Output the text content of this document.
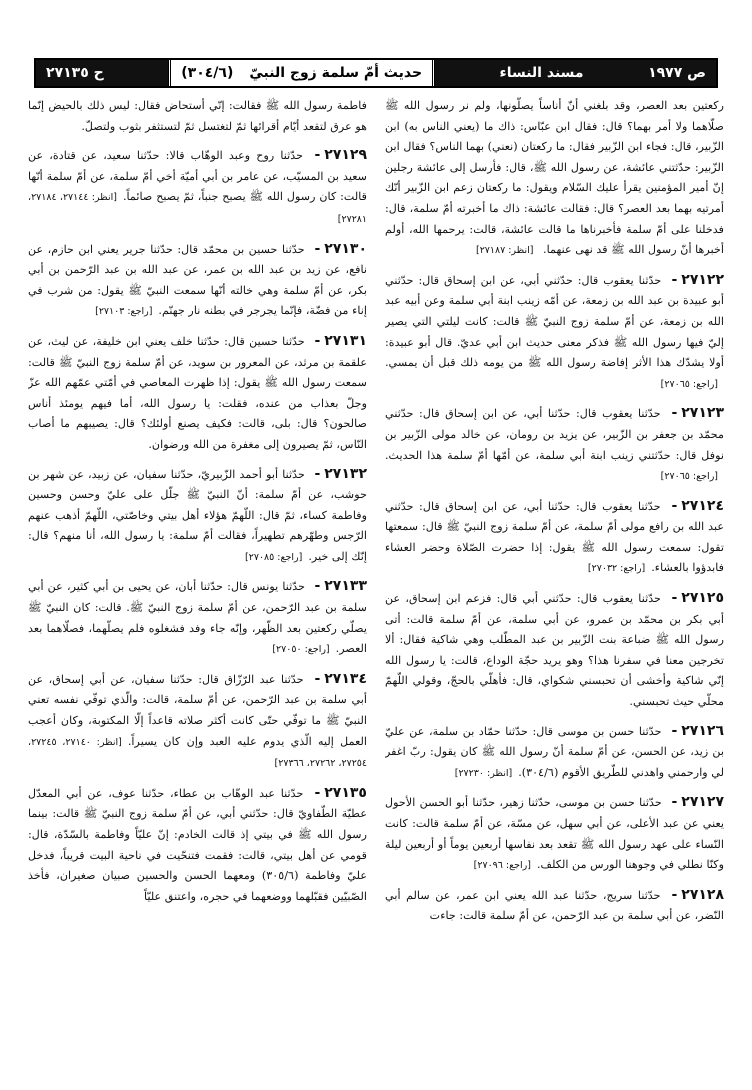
ص ١٩٧٧
مسند النساء
حديث أمّ سلمة زوج النبيّ
(٣٠٤/٦)
ح ٢٧١٣٥

ركعتين بعد العصر، وقد بلغني أنّ أناساً يصلّونها، ولم نر رسول الله ﷺ صلّاهما ولا أمر بهما؟ قال: فقال ابن عبّاس: ذاك ما (يعني الناس به) ابن الزّبير، قال: فجاء ابن الزّبير فقال: ما ركعتان (نعني) بهما الناس؟ فقال ابن الزّبير: حدّثتني عائشة، عن رسول الله ﷺ، قال: فأرسل إلى عائشة رجلين إنّ أمير المؤمنين يقرأ عليك السّلام ويقول: ما ركعتان زعم ابن الزّبير أنّك أمرتيه بهما بعد العصر؟ قال: فقالت عائشة: ذاك ما أخبرته أمّ سلمة، قال: فدخلنا على أمّ سلمة فأخبرناها ما قالت عائشة، قالت: يرحمها الله، أولم أخبرها أنّ رسول الله ﷺ قد نهى عنهما. [انظر: ٢٧١٨٧]

٢٧١٢٢- حدّثنا يعقوب قال: حدّثني أبي، عن ابن إسحاق قال: حدّثني أبو عبيدة بن عبد الله بن زمعة، عن أمّه زينب ابنة أبي سلمة وعن أبيه عبد الله بن زمعة، عن أمّ سلمة زوج النبيّ ﷺ قالت: كانت ليلتي التي يصير إليّ فيها رسول الله ﷺ فذكر معنى حديث ابن أبي عديّ. قال أبو عبيدة: أولا يشدّك هذا الأثر إفاضة رسول الله ﷺ من يومه ذلك قبل أن يمسي.[راجع: ٢٧٠٦٥]

٢٧١٢٣- حدّثنا يعقوب قال: حدّثنا أبي، عن ابن إسحاق قال: حدّثني محمّد بن جعفر بن الزّبير، عن يزيد بن رومان، عن خالد مولى الزّبير بن نوفل قال: حدّثتني زينب ابنة أبي سلمة، عن أمّها أمّ سلمة هذا الحديث.[راجع: ٢٧٠٦٥]

٢٧١٢٤- حدّثنا يعقوب قال: حدّثنا أبي، عن ابن إسحاق قال: حدّثني عبد الله بن رافع مولى أمّ سلمة، عن أمّ سلمة زوج النبيّ ﷺ قال: سمعتها تقول: سمعت رسول الله ﷺ يقول: إذا حضرت الصّلاة وحضر العشاء فابدؤوا بالعشاء.[راجع: ٢٧٠٣٢]

٢٧١٢٥- حدّثنا يعقوب قال: حدّثني أبي قال: فزعم ابن إسحاق، عن أبي بكر بن محمّد بن عمرو، عن أبي سلمة، عن أمّ سلمة قالت: أتى رسول الله ﷺ ضباعة بنت الزّبير بن عبد المطّلب وهي شاكية فقال: ألا تخرجين معنا في سفرنا هذا؟ وهو يريد حجّة الوداع، قالت: يا رسول الله إنّي شاكية وأخشى أن تحبسني شكواي، قال: فأهلّي بالحجّ، وقولي اللّهمّ محلّي حيث تحبسني.

٢٧١٢٦- حدّثنا حسن بن موسى قال: حدّثنا حمّاد بن سلمة، عن عليّ بن زيد، عن الحسن، عن أمّ سلمة أنّ رسول الله ﷺ كان يقول: ربّ اغفر لي وارحمني واهدني للطّريق الأقوم (٣٠٤/٦).[انظر: ٢٧٢٣٠]

٢٧١٢٧- حدّثنا حسن بن موسى، حدّثنا زهير، حدّثنا أبو الحسن الأحول يعني عن عبد الأعلى، عن أبي سهل، عن مسّة، عن أمّ سلمة قالت: كانت النّساء على عهد رسول الله ﷺ تقعد بعد نفاسها أربعين يوماً أو أربعين ليلة وكنّا نطلي في وجوهنا الورس من الكلف.[راجع: ٢٧٠٩٦]

٢٧١٢٨- حدّثنا سريج، حدّثنا عبد الله يعني ابن عمر، عن سالم أبي النّضر، عن أبي سلمة بن عبد الرّحمن، عن أمّ سلمة قالت: جاءت

فاطمة رسول الله ﷺ فقالت: إنّي أستحاض فقال: ليس ذلك بالحيض إنّما هو عرق لتقعد أيّام أقرائها ثمّ لتغتسل ثمّ لتستثفر بثوب ولتصلّ.

٢٧١٢٩- حدّثنا روح وعبد الوهّاب قالا: حدّثنا سعيد، عن قتادة، عن سعيد بن المسيّب، عن عامر بن أبي أميّة أخي أمّ سلمة، عن أمّ سلمة أنّها قالت: كان رسول الله ﷺ يصبح جنباً، ثمّ يصبح صائماً.[انظر: ٢٧١٤٤، ٢٧١٨٤، ٢٧٢٨١]

٢٧١٣٠- حدّثنا حسين بن محمّد قال: حدّثنا جرير يعني ابن حازم، عن نافع، عن زيد بن عبد الله بن عمر، عن عبد الله بن عبد الرّحمن بن أبي بكر، عن أمّ سلمة وهي خالته أنّها سمعت النبيّ ﷺ يقول: من شرب في إناء من فضّة، فإنّما يجرجر في بطنه نار جهنّم.[راجع: ٢٧١٠٣]

٢٧١٣١- حدّثنا حسين قال: حدّثنا خلف يعني ابن خليفة، عن ليث، عن علقمة بن مرثد، عن المعرور بن سويد، عن أمّ سلمة زوج النبيّ ﷺ قالت: سمعت رسول الله ﷺ يقول: إذا ظهرت المعاصي في أمّتي عمّهم الله عزّ وجلّ بعذاب من عنده، فقلت: يا رسول الله، أما فيهم يومئذ أناس صالحون؟ قال: بلى، قالت: فكيف يصنع أولئك؟ قال: يصيبهم ما أصاب النّاس، ثمّ يصيرون إلى مغفرة من الله ورضوان.

٢٧١٣٢- حدّثنا أبو أحمد الزّبيريّ، حدّثنا سفيان، عن زبيد، عن شهر بن حوشب، عن أمّ سلمة: أنّ النبيّ ﷺ جلّل على عليّ وحسن وحسين وفاطمة كساء، ثمّ قال: اللّهمّ هؤلاء أهل بيتي وخاصّتي، اللّهمّ أذهب عنهم الرّجس وطهّرهم تطهيراً، فقالت أمّ سلمة: يا رسول الله، أنا منهم؟ قال: إنّك إلى خير.[راجع: ٢٧٠٨٥]

٢٧١٣٣- حدّثنا يونس قال: حدّثنا أبان، عن يحيى بن أبي كثير، عن أبي سلمة بن عبد الرّحمن، عن أمّ سلمة زوج النبيّ ﷺ. قالت: كان النبيّ ﷺ يصلّي ركعتين بعد الظّهر، وإنّه جاء وفد فشغلوه فلم يصلّهما، فصلّاهما بعد العصر.[راجع: ٢٧٠٥٠]

٢٧١٣٤- حدّثنا عبد الرّزّاق قال: حدّثنا سفيان، عن أبي إسحاق، عن أبي سلمة بن عبد الرّحمن، عن أمّ سلمة، قالت: والّذي توفّي نفسه تعني النبيّ ﷺ ما توفّي حتّى كانت أكثر صلاته قاعداً إلّا المكتوبة، وكان أعجب العمل إليه الّذي يدوم عليه العبد وإن كان يسيراً.[انظر: ٢٧١٤٠، ٢٧٢٤٥، ٢٧٢٥٤، ٢٧٢٦٢، ٢٧٣٦٦]

٢٧١٣٥- حدّثنا عبد الوهّاب بن عطاء، حدّثنا عوف، عن أبي المعدّل عطيّة الطّفاويّ قال: حدّثني أبي، عن أمّ سلمة زوج النبيّ ﷺ قالت: بينما رسول الله ﷺ في بيتي إذ قالت الخادم: إنّ عليّاً وفاطمة بالسّدّة، قال: قومي عن أهل بيتي، قالت: فقمت فتنحّيت في ناحية البيت قريباً، فدخل عليّ وفاطمة (٣٠٥/٦) ومعهما الحسن والحسين صبيان صغيران، فأخذ الصّبيّين فقبّلهما ووضعهما في حجره، واعتنق عليّاً
